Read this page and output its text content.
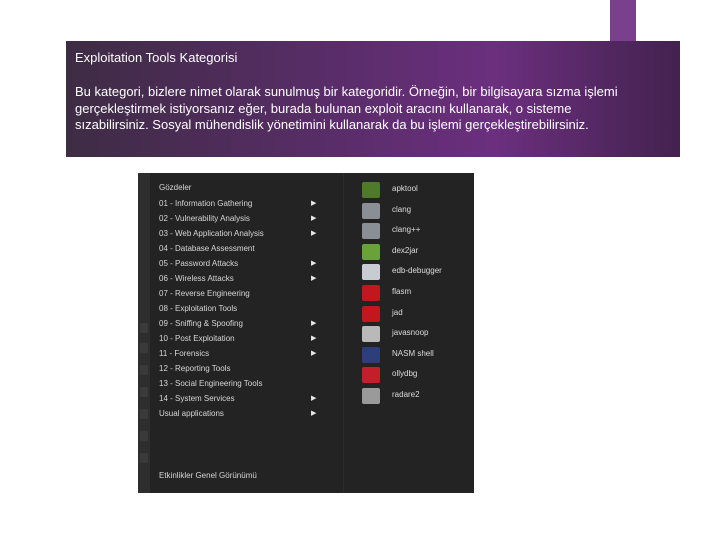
Exploitation Tools Kategorisi
Bu kategori, bizlere nimet olarak sunulmuş bir kategoridir. Örneğin, bir bilgisayara sızma işlemi gerçekleştirmek istiyorsanız eğer, burada bulunan exploit aracını kullanarak, o sisteme sızabilirsiniz. Sosyal mühendislik yönetimini kullanarak da bu işlemi gerçekleştirebilirsiniz.
Gözdeler
01 - Information Gathering	▶
02 - Vulnerability Analysis	▶
03 - Web Application Analysis	▶
04 - Database Assessment
05 - Password Attacks	▶
06 - Wireless Attacks	▶
07 - Reverse Engineering
08 - Exploitation Tools
09 - Sniffing & Spoofing	▶
10 - Post Exploitation	▶
11 - Forensics	▶
12 - Reporting Tools
13 - Social Engineering Tools
14 - System Services	▶
Usual applications	▶
Etkinlikler Genel Görünümü
apktool
clang
clang++
dex2jar
edb-debugger
flasm
jad
javasnoop
NASM shell
ollydbg
radare2
